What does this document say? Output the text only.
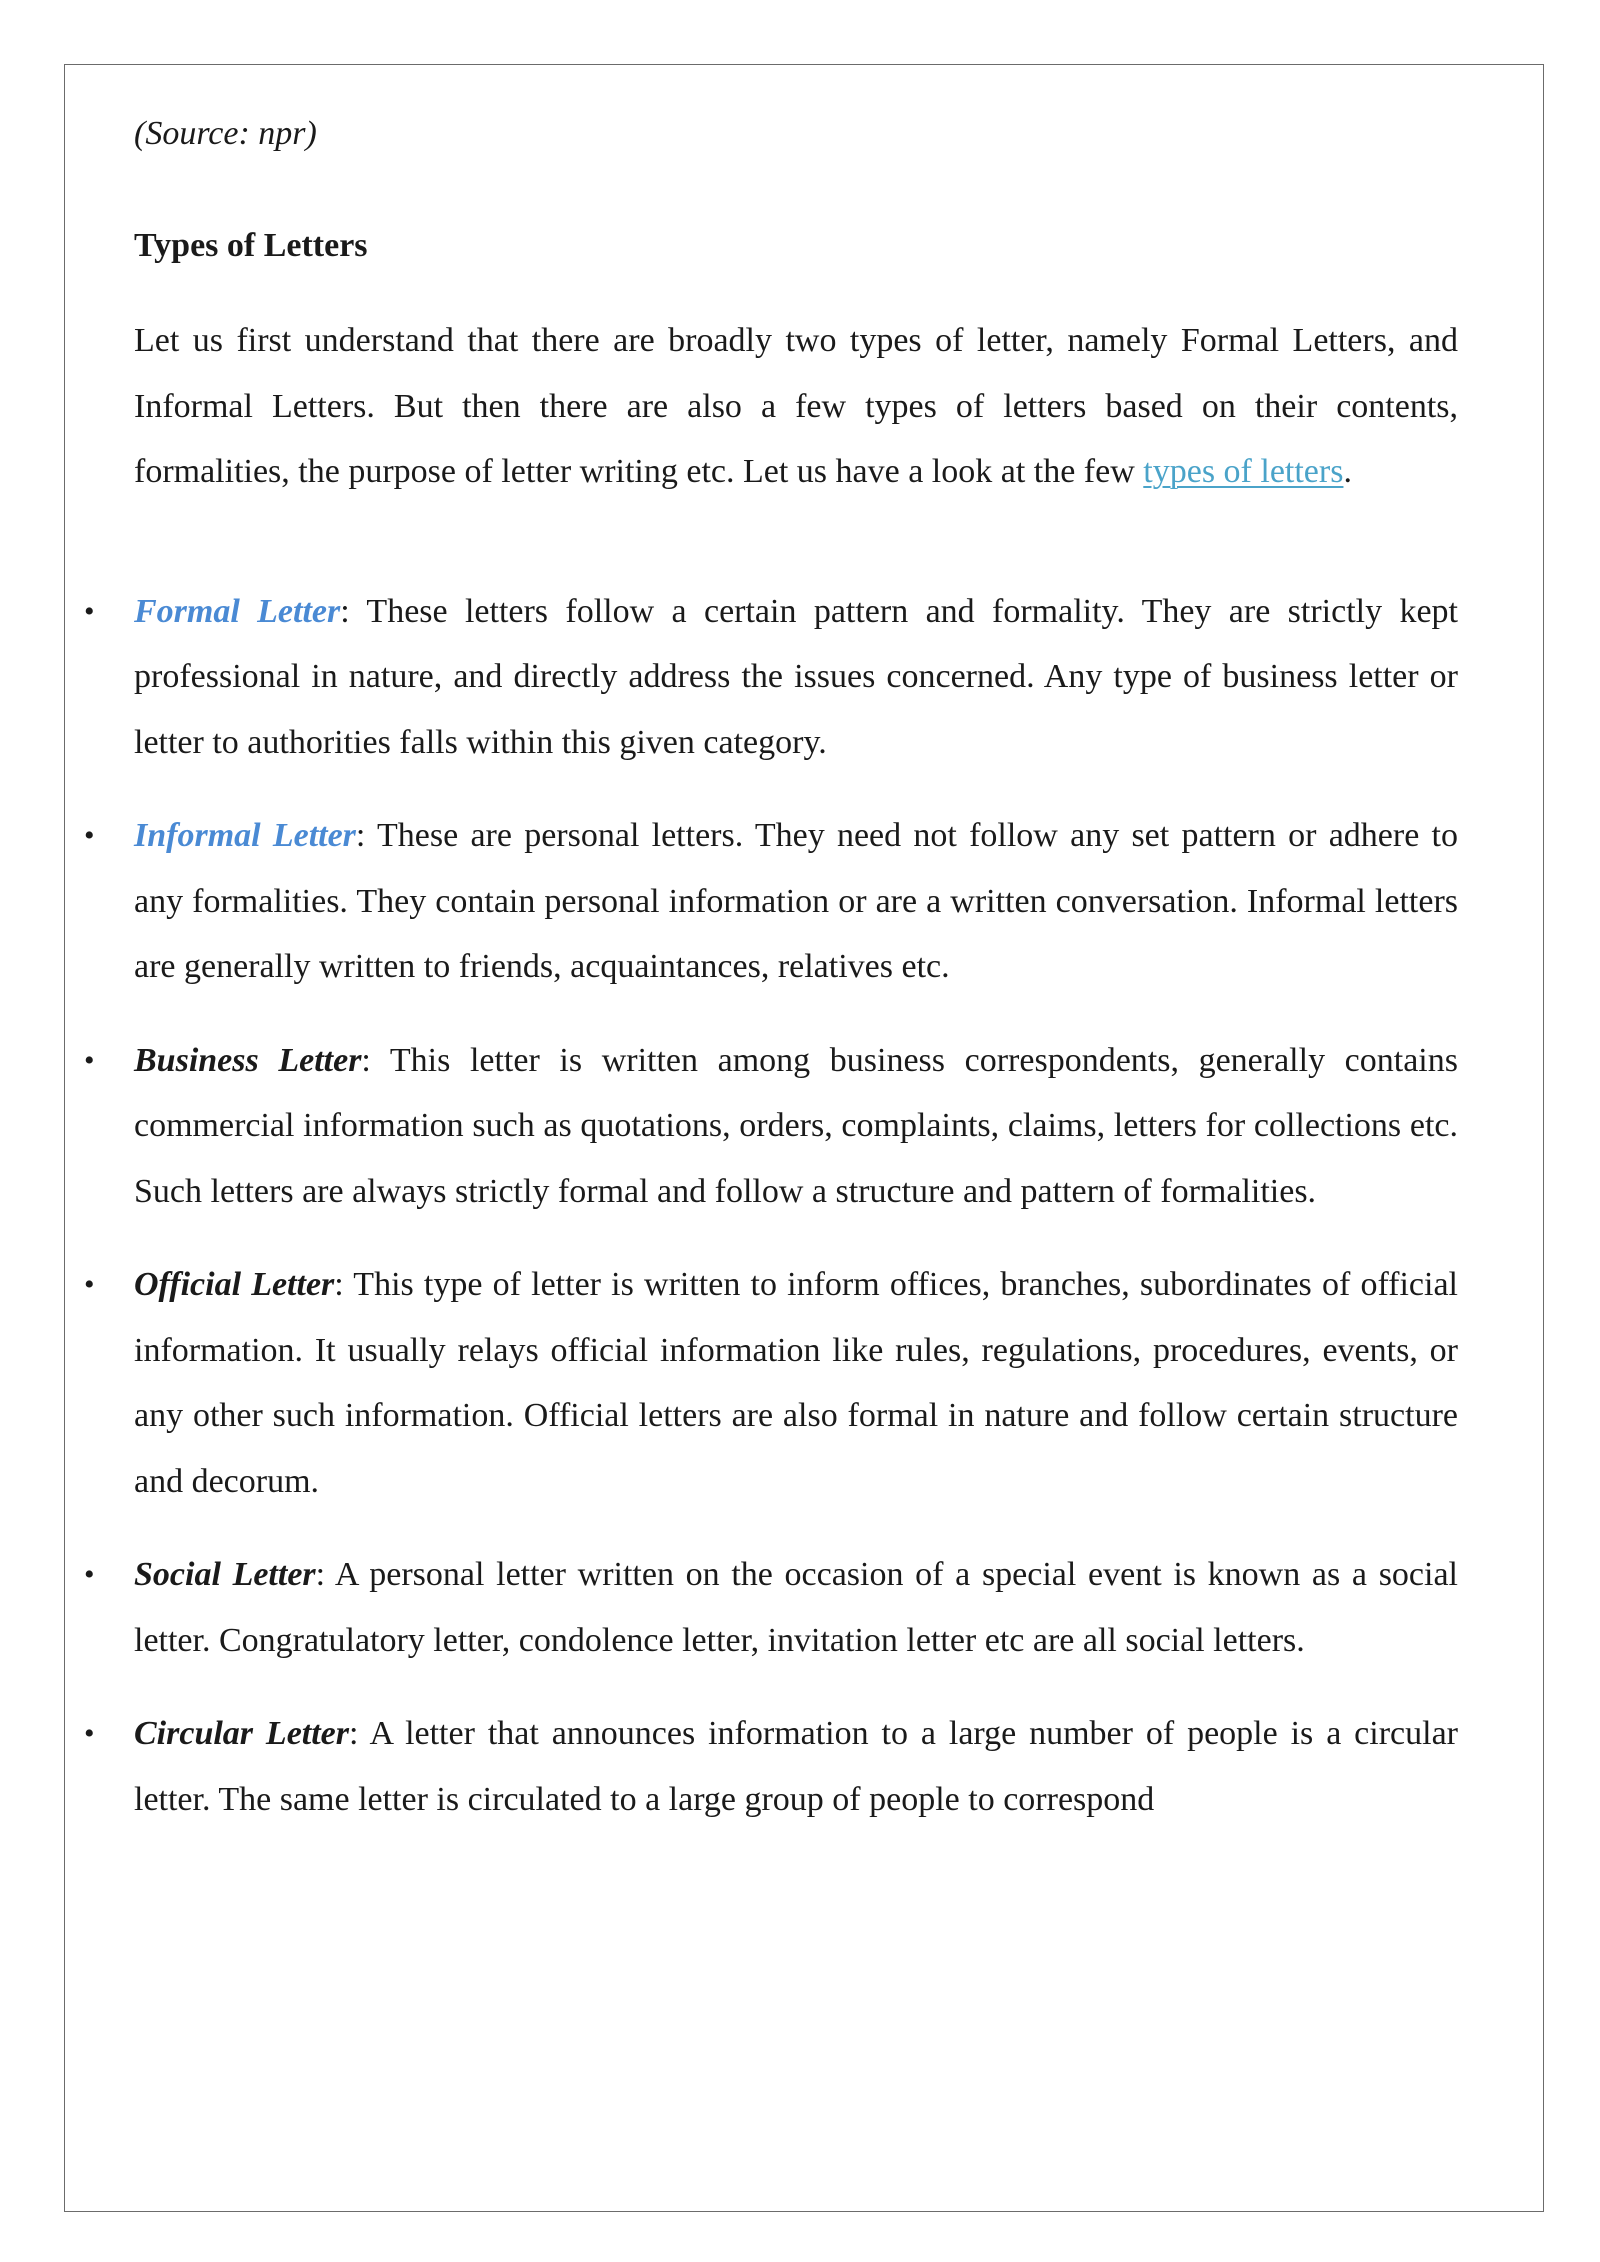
(Source: npr)

Types of Letters

Let us first understand that there are broadly two types of letter, namely Formal Letters, and Informal Letters. But then there are also a few types of letters based on their contents, formalities, the purpose of letter writing etc. Let us have a look at the few types of letters.

• Formal Letter: These letters follow a certain pattern and formality. They are strictly kept professional in nature, and directly address the issues concerned. Any type of business letter or letter to authorities falls within this given category.
• Informal Letter: These are personal letters. They need not follow any set pattern or adhere to any formalities. They contain personal information or are a written conversation. Informal letters are generally written to friends, acquaintances, relatives etc.
• Business Letter: This letter is written among business correspondents, generally contains commercial information such as quotations, orders, complaints, claims, letters for collections etc. Such letters are always strictly formal and follow a structure and pattern of formalities.
• Official Letter: This type of letter is written to inform offices, branches, subordinates of official information. It usually relays official information like rules, regulations, procedures, events, or any other such information. Official letters are also formal in nature and follow certain structure and decorum.
• Social Letter: A personal letter written on the occasion of a special event is known as a social letter. Congratulatory letter, condolence letter, invitation letter etc are all social letters.
• Circular Letter: A letter that announces information to a large number of people is a circular letter. The same letter is circulated to a large group of people to correspond
